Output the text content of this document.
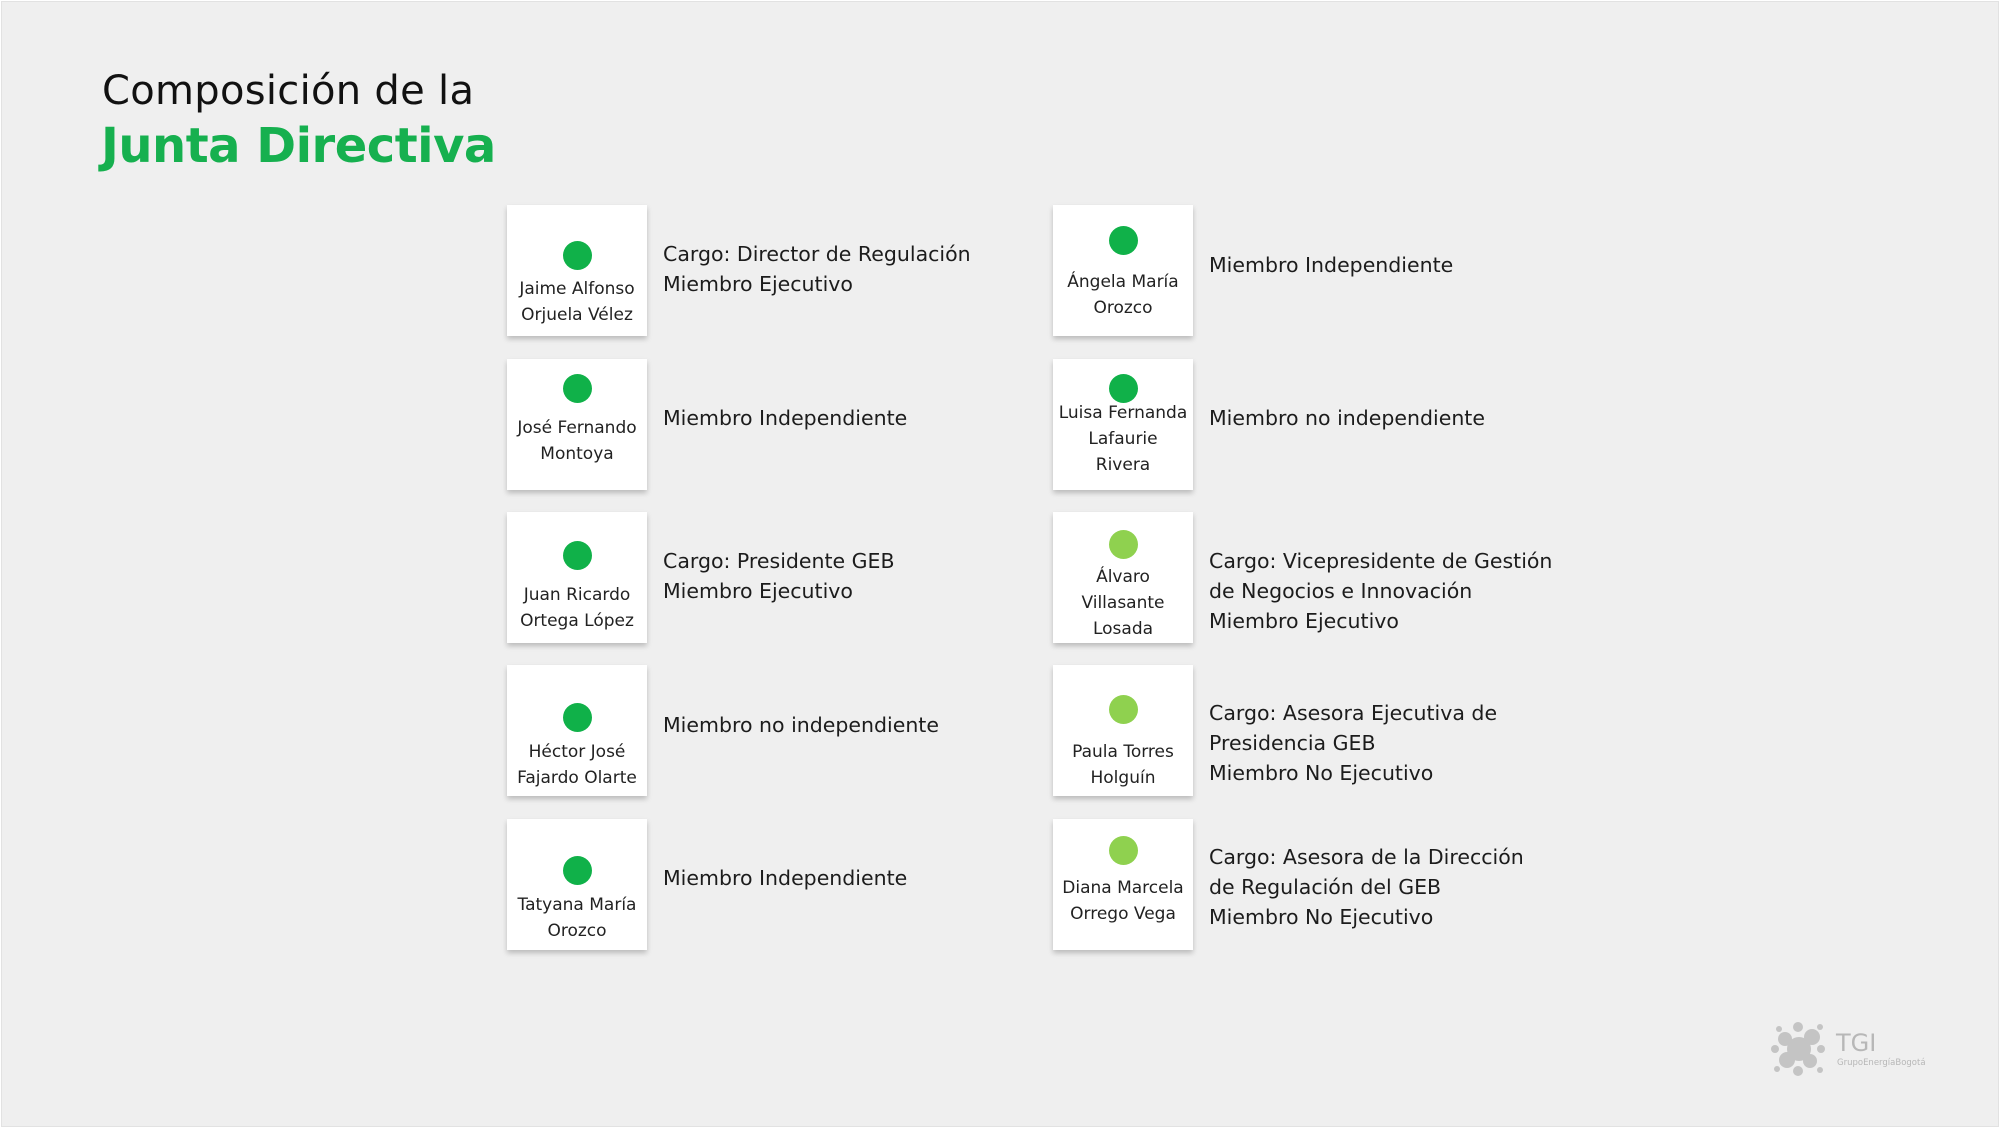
Composición de la
Junta Directiva
Jaime Alfonso
Orjuela Vélez
Cargo: Director de Regulación
Miembro Ejecutivo
José Fernando
Montoya
Miembro Independiente
Juan Ricardo
Ortega López
Cargo: Presidente GEB
Miembro Ejecutivo
Héctor José
Fajardo Olarte
Miembro no independiente
Tatyana María
Orozco
Miembro Independiente
Ángela María
Orozco
Miembro Independiente
Luisa Fernanda
Lafaurie
Rivera
Miembro no independiente
Álvaro
Villasante
Losada
Cargo: Vicepresidente de Gestión
de Negocios e Innovación
Miembro Ejecutivo
Paula Torres
Holguín
Cargo: Asesora Ejecutiva de
Presidencia GEB
Miembro No Ejecutivo
Diana Marcela
Orrego Vega
Cargo: Asesora de la Dirección
de Regulación del GEB
Miembro No Ejecutivo
TGI
GrupoEnergíaBogotá
